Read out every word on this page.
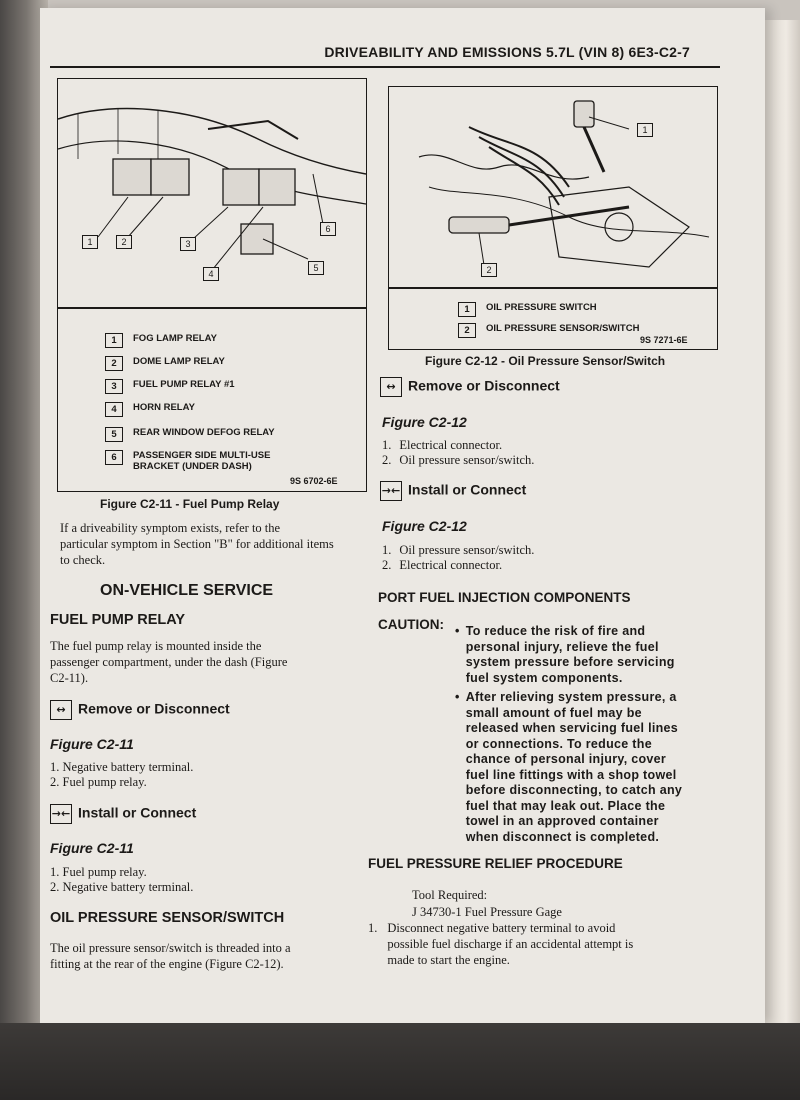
DRIVEABILITY AND EMISSIONS 5.7L (VIN 8) 6E3-C2-7
1	2	3
4
5
6
1	FOG LAMP RELAY
2	DOME LAMP RELAY
3	FUEL PUMP RELAY #1
4	HORN RELAY
5	REAR WINDOW DEFOG RELAY
6	PASSENGER SIDE MULTI-USE
BRACKET (UNDER DASH)
9S 6702-6E
Figure C2-11 - Fuel Pump Relay
1
2
1	OIL PRESSURE SWITCH
2	OIL PRESSURE SENSOR/SWITCH
9S 7271-6E
Figure C2-12 - Oil Pressure Sensor/Switch
If a driveability symptom exists, refer to the
particular symptom in Section "B" for additional items
to check.
ON-VEHICLE SERVICE
FUEL PUMP RELAY
The fuel pump relay is mounted inside the
passenger compartment, under the dash (Figure
C2-11).
↔ Remove or Disconnect
Figure C2-11
1. Negative battery terminal.
2. Fuel pump relay.
→← Install or Connect
Figure C2-11
1. Fuel pump relay.
2. Negative battery terminal.
OIL PRESSURE SENSOR/SWITCH
The oil pressure sensor/switch is threaded into a
fitting at the rear of the engine (Figure C2-12).
↔ Remove or Disconnect
Figure C2-12
1. Electrical connector.
2. Oil pressure sensor/switch.
→← Install or Connect
Figure C2-12
1. Oil pressure sensor/switch.
2. Electrical connector.
PORT FUEL INJECTION COMPONENTS
CAUTION: • To reduce the risk of fire and
personal injury, relieve the fuel
system pressure before servicing
fuel system components.
• After relieving system pressure, a
small amount of fuel may be
released when servicing fuel lines
or connections. To reduce the
chance of personal injury, cover
fuel line fittings with a shop towel
before disconnecting, to catch any
fuel that may leak out. Place the
towel in an approved container
when disconnect is completed.
FUEL PRESSURE RELIEF PROCEDURE
Tool Required:
J 34730-1 Fuel Pressure Gage
1. Disconnect negative battery terminal to avoid
possible fuel discharge if an accidental attempt is
made to start the engine.
